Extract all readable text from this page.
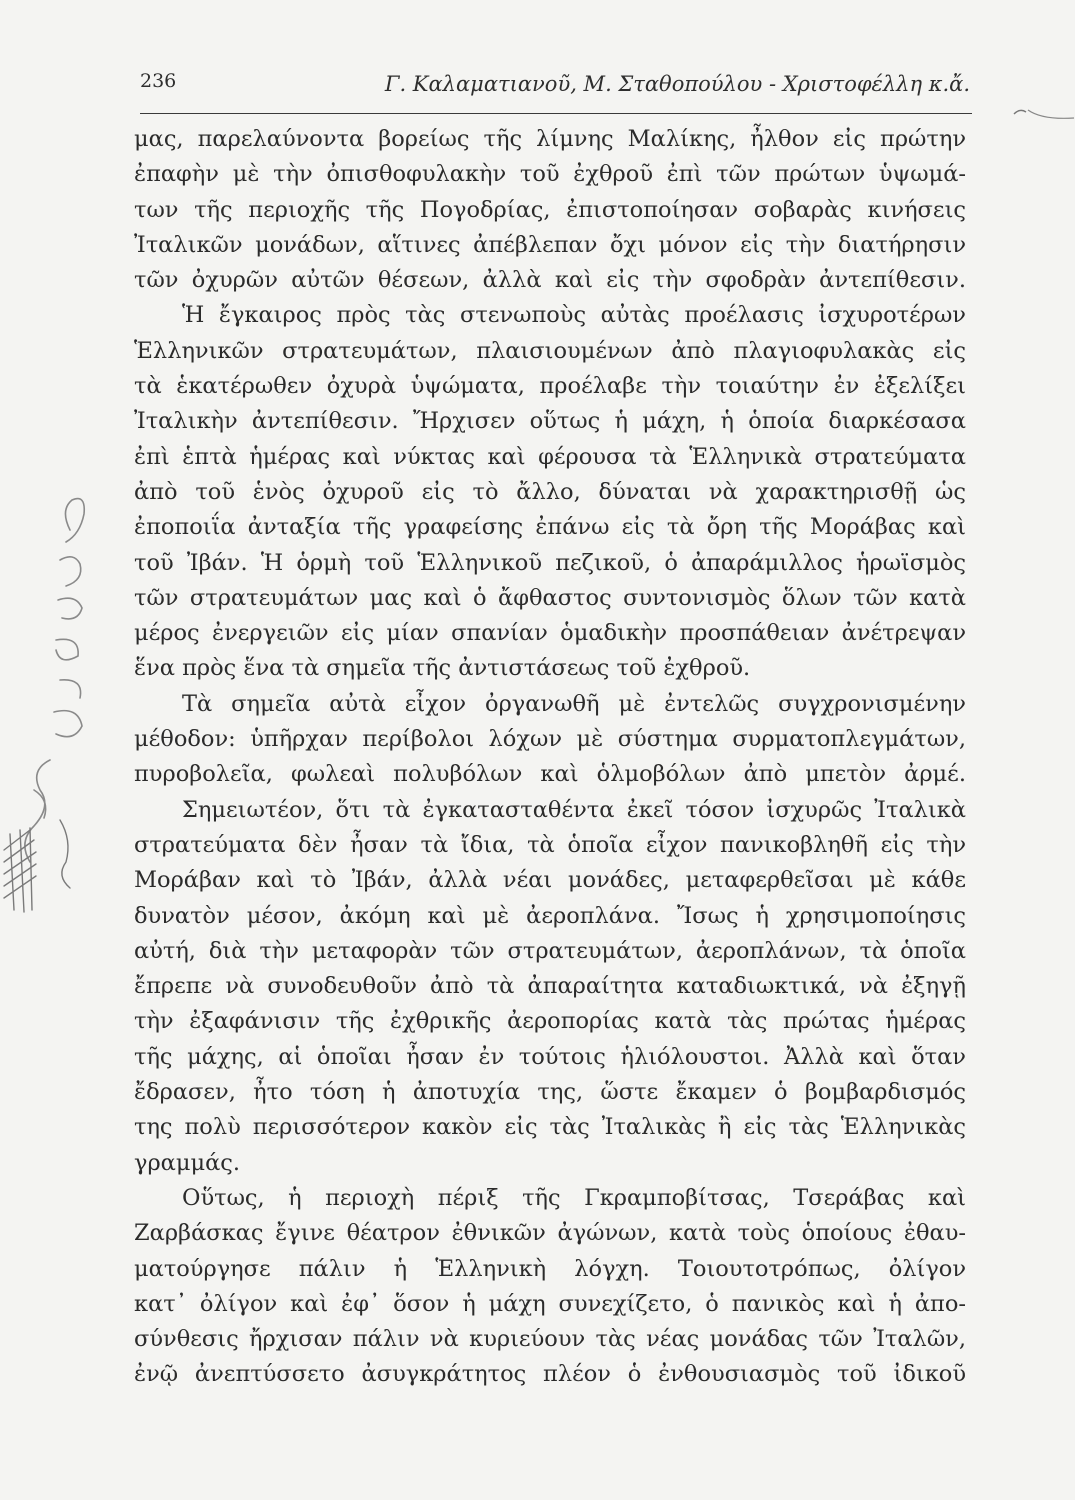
236	Γ. Καλαματιανοῦ, Μ. Σταθοπούλου - Χριστοφέλλη κ.ἄ.
μας, παρελαύνοντα βορείως τῆς λίμνης Μαλίκης, ἦλθον εἰς πρώτην
ἐπαφὴν μὲ τὴν ὀπισθοφυλακὴν τοῦ ἐχθροῦ ἐπὶ τῶν πρώτων ὑψωμά-
των τῆς περιοχῆς τῆς Πογοδρίας, ἐπιστοποίησαν σοβαρὰς κινήσεις
Ἰταλικῶν μονάδων, αἵτινες ἀπέβλεπαν ὄχι μόνον εἰς τὴν διατήρησιν
τῶν ὀχυρῶν αὐτῶν θέσεων, ἀλλὰ καὶ εἰς τὴν σφοδρὰν ἀντεπίθεσιν.
Ἡ ἔγκαιρος πρὸς τὰς στενωποὺς αὐτὰς προέλασις ἰσχυροτέρων
Ἑλληνικῶν στρατευμάτων, πλαισιουμένων ἀπὸ πλαγιοφυλακὰς εἰς
τὰ ἑκατέρωθεν ὀχυρὰ ὑψώματα, προέλαβε τὴν τοιαύτην ἐν ἐξελίξει
Ἰταλικὴν ἀντεπίθεσιν. Ἤρχισεν οὕτως ἡ μάχη, ἡ ὁποία διαρκέσασα
ἐπὶ ἑπτὰ ἡμέρας καὶ νύκτας καὶ φέρουσα τὰ Ἑλληνικὰ στρατεύματα
ἀπὸ τοῦ ἑνὸς ὀχυροῦ εἰς τὸ ἄλλο, δύναται νὰ χαρακτηρισθῇ ὡς
ἐποποιΐα ἀνταξία τῆς γραφείσης ἐπάνω εἰς τὰ ὄρη τῆς Μοράβας καὶ
τοῦ Ἰβάν. Ἡ ὁρμὴ τοῦ Ἑλληνικοῦ πεζικοῦ, ὁ ἀπαράμιλλος ἡρωϊσμὸς
τῶν στρατευμάτων μας καὶ ὁ ἄφθαστος συντονισμὸς ὅλων τῶν κατὰ
μέρος ἐνεργειῶν εἰς μίαν σπανίαν ὁμαδικὴν προσπάθειαν ἀνέτρεψαν
ἕνα πρὸς ἕνα τὰ σημεῖα τῆς ἀντιστάσεως τοῦ ἐχθροῦ.
Τὰ σημεῖα αὐτὰ εἶχον ὀργανωθῆ μὲ ἐντελῶς συγχρονισμένην
μέθοδον: ὑπῆρχαν περίβολοι λόχων μὲ σύστημα συρματοπλεγμάτων,
πυροβολεῖα, φωλεαὶ πολυβόλων καὶ ὁλμοβόλων ἀπὸ μπετὸν ἀρμέ.
Σημειωτέον, ὅτι τὰ ἐγκατασταθέντα ἐκεῖ τόσον ἰσχυρῶς Ἰταλικὰ
στρατεύματα δὲν ἦσαν τὰ ἴδια, τὰ ὁποῖα εἶχον πανικοβληθῆ εἰς τὴν
Μοράβαν καὶ τὸ Ἰβάν, ἀλλὰ νέαι μονάδες, μεταφερθεῖσαι μὲ κάθε
δυνατὸν μέσον, ἀκόμη καὶ μὲ ἀεροπλάνα. Ἴσως ἡ χρησιμοποίησις
αὐτή, διὰ τὴν μεταφορὰν τῶν στρατευμάτων, ἀεροπλάνων, τὰ ὁποῖα
ἔπρεπε νὰ συνοδευθοῦν ἀπὸ τὰ ἀπαραίτητα καταδιωκτικά, νὰ ἐξηγῇ
τὴν ἐξαφάνισιν τῆς ἐχθρικῆς ἀεροπορίας κατὰ τὰς πρώτας ἡμέρας
τῆς μάχης, αἱ ὁποῖαι ἦσαν ἐν τούτοις ἡλιόλουστοι. Ἀλλὰ καὶ ὅταν
ἔδρασεν, ἦτο τόση ἡ ἀποτυχία της, ὥστε ἔκαμεν ὁ βομβαρδισμός
της πολὺ περισσότερον κακὸν εἰς τὰς Ἰταλικὰς ἢ εἰς τὰς Ἑλληνικὰς
γραμμάς.
Οὕτως, ἡ περιοχὴ πέριξ τῆς Γκραμποβίτσας, Τσεράβας καὶ
Ζαρβάσκας ἔγινε θέατρον ἐθνικῶν ἀγώνων, κατὰ τοὺς ὁποίους ἐθαυ-
ματούργησε πάλιν ἡ Ἑλληνικὴ λόγχη. Τοιουτοτρόπως, ὀλίγον
κατ᾿ ὀλίγον καὶ ἐφ᾿ ὅσον ἡ μάχη συνεχίζετο, ὁ πανικὸς καὶ ἡ ἀπο-
σύνθεσις ἤρχισαν πάλιν νὰ κυριεύουν τὰς νέας μονάδας τῶν Ἰταλῶν,
ἐνῷ ἀνεπτύσσετο ἀσυγκράτητος πλέον ὁ ἐνθουσιασμὸς τοῦ ἰδικοῦ
